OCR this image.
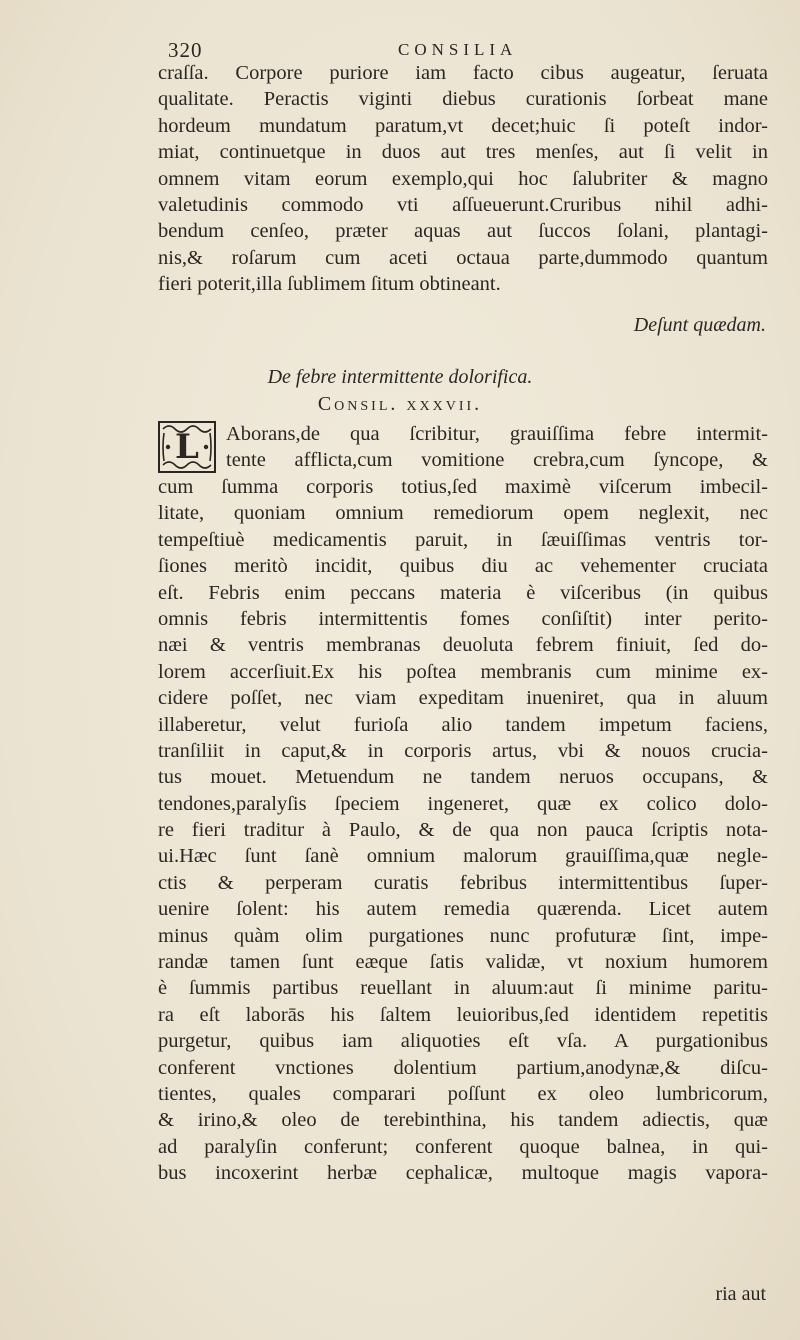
320	CONSILIA
craſſa. Corpore puriore iam facto cibus augeatur, ſeruata
qualitate. Peractis viginti diebus curationis ſorbeat mane
hordeum mundatum paratum,vt decet;huic ſi poteſt indor-
miat, continuetque in duos aut tres menſes, aut ſi velit in
omnem vitam eorum exemplo,qui hoc ſalubriter & magno
valetudinis commodo vti aſſueuerunt.Cruribus nihil adhi-
bendum cenſeo, præter aquas aut ſuccos ſolani, plantagi-
nis,& roſarum cum aceti octaua parte,dummodo quantum
fieri poterit,illa ſublimem ſitum obtineant.
Deſunt quædam.
De febre intermittente dolorifica.
Consil. xxxvii.
L	Aborans,de qua ſcribitur, grauiſſima febre intermit-
tente afflicta,cum vomitione crebra,cum ſyncope, &
cum ſumma corporis totius,ſed maximè viſcerum imbecil-
litate, quoniam omnium remediorum opem neglexit, nec
tempeſtiuè medicamentis paruit, in ſæuiſſimas ventris tor-
ſiones meritò incidit, quibus diu ac vehementer cruciata
eſt. Febris enim peccans materia è viſceribus (in quibus
omnis febris intermittentis fomes conſiſtit) inter perito-
næi & ventris membranas deuoluta febrem finiuit, ſed do-
lorem accerſiuit.Ex his poſtea membranis cum minime ex-
cidere poſſet, nec viam expeditam inueniret, qua in aluum
illaberetur, velut furioſa alio tandem impetum faciens,
tranſiliit in caput,& in corporis artus, vbi & nouos crucia-
tus mouet. Metuendum ne tandem neruos occupans, &
tendones,paralyſis ſpeciem ingeneret, quæ ex colico dolo-
re fieri traditur à Paulo, & de qua non pauca ſcriptis nota-
ui.Hæc ſunt ſanè omnium malorum grauiſſima,quæ negle-
ctis & perperam curatis febribus intermittentibus ſuper-
uenire ſolent: his autem remedia quærenda. Licet autem
minus quàm olim purgationes nunc profuturæ ſint, impe-
randæ tamen ſunt eæque ſatis validæ, vt noxium humorem
è ſummis partibus reuellant in aluum:aut ſi minime paritu-
ra eſt laborās his ſaltem leuioribus,ſed identidem repetitis
purgetur, quibus iam aliquoties eſt vſa. A purgationibus
conferent vnctiones dolentium partium,anodynæ,& diſcu-
tientes, quales comparari poſſunt ex oleo lumbricorum,
& irino,& oleo de terebinthina, his tandem adiectis, quæ
ad paralyſin conferunt; conferent quoque balnea, in qui-
bus incoxerint herbæ cephalicæ, multoque magis vapora-
ria aut
